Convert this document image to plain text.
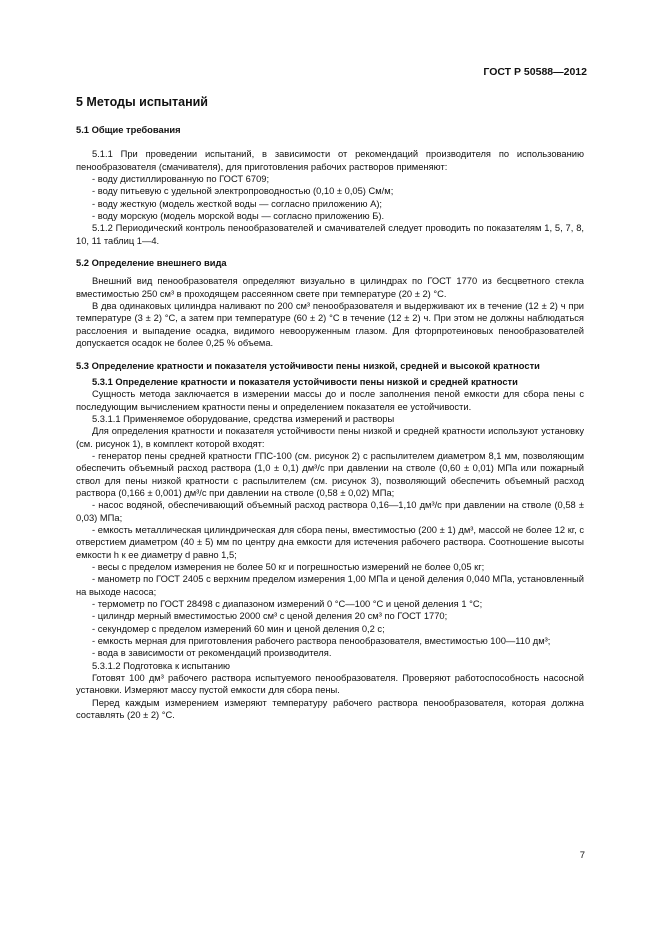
ГОСТ Р 50588—2012
5 Методы испытаний
5.1 Общие требования

5.1.1 При проведении испытаний, в зависимости от рекомендаций производителя по использованию пенообразователя (смачивателя), для приготовления рабочих растворов применяют:

- воду дистиллированную по ГОСТ 6709;
- воду питьевую с удельной электропроводностью (0,10 ± 0,05) См/м;
- воду жесткую (модель жесткой воды — согласно приложению А);
- воду морскую (модель морской воды — согласно приложению Б).

5.1.2 Периодический контроль пенообразователей и смачивателей следует проводить по показателям 1, 5, 7, 8, 10, 11 таблиц 1—4.

5.2 Определение внешнего вида

Внешний вид пенообразователя определяют визуально в цилиндрах по ГОСТ 1770 из бесцветного стекла вместимостью 250 см³ в проходящем рассеянном свете при температуре (20 ± 2) °С.

В два одинаковых цилиндра наливают по 200 см³ пенообразователя и выдерживают их в течение (12 ± 2) ч при температуре (3 ± 2) °С, а затем при температуре (60 ± 2) °С в течение (12 ± 2) ч. При этом не должны наблюдаться расслоения и выпадение осадка, видимого невооруженным глазом. Для фторпротеиновых пенообразователей допускается осадок не более 0,25 % объема.

5.3 Определение кратности и показателя устойчивости пены низкой, средней и высокой кратности
5.3.1 Определение кратности и показателя устойчивости пены низкой и средней кратности

Сущность метода заключается в измерении массы до и после заполнения пеной емкости для сбора пены с последующим вычислением кратности пены и определением показателя ее устойчивости.

5.3.1.1 Применяемое оборудование, средства измерений и растворы

Для определения кратности и показателя устойчивости пены низкой и средней кратности используют установку (см. рисунок 1), в комплект которой входят:

- генератор пены средней кратности ГПС-100 (см. рисунок 2) с распылителем диаметром 8,1 мм, позволяющим обеспечить объемный расход раствора (1,0 ± 0,1) дм³/с при давлении на стволе (0,60 ± 0,01) МПа или пожарный ствол для пены низкой кратности с распылителем (см. рисунок 3), позволяющий обеспечить объемный расход раствора (0,166 ± 0,001) дм³/с при давлении на стволе (0,58 ± 0,02) МПа;
- насос водяной, обеспечивающий объемный расход раствора 0,16—1,10 дм³/с при давлении на стволе (0,58 ± 0,03) МПа;
- емкость металлическая цилиндрическая для сбора пены, вместимостью (200 ± 1) дм³, массой не более 12 кг, с отверстием диаметром (40 ± 5) мм по центру дна емкости для истечения рабочего раствора. Соотношение высоты емкости h к ее диаметру d равно 1,5;
- весы с пределом измерения не более 50 кг и погрешностью измерений не более 0,05 кг;
- манометр по ГОСТ 2405 с верхним пределом измерения 1,00 МПа и ценой деления 0,040 МПа, установленный на выходе насоса;
- термометр по ГОСТ 28498 с диапазоном измерений 0 °С—100 °С и ценой деления 1 °С;
- цилиндр мерный вместимостью 2000 см³ с ценой деления 20 см³ по ГОСТ 1770;
- секундомер с пределом измерений 60 мин и ценой деления 0,2 с;
- емкость мерная для приготовления рабочего раствора пенообразователя, вместимостью 100—110 дм³;
- вода в зависимости от рекомендаций производителя.

5.3.1.2 Подготовка к испытанию

Готовят 100 дм³ рабочего раствора испытуемого пенообразователя. Проверяют работоспособность насосной установки. Измеряют массу пустой емкости для сбора пены.

Перед каждым измерением измеряют температуру рабочего раствора пенообразователя, которая должна составлять (20 ± 2) °С.

7
